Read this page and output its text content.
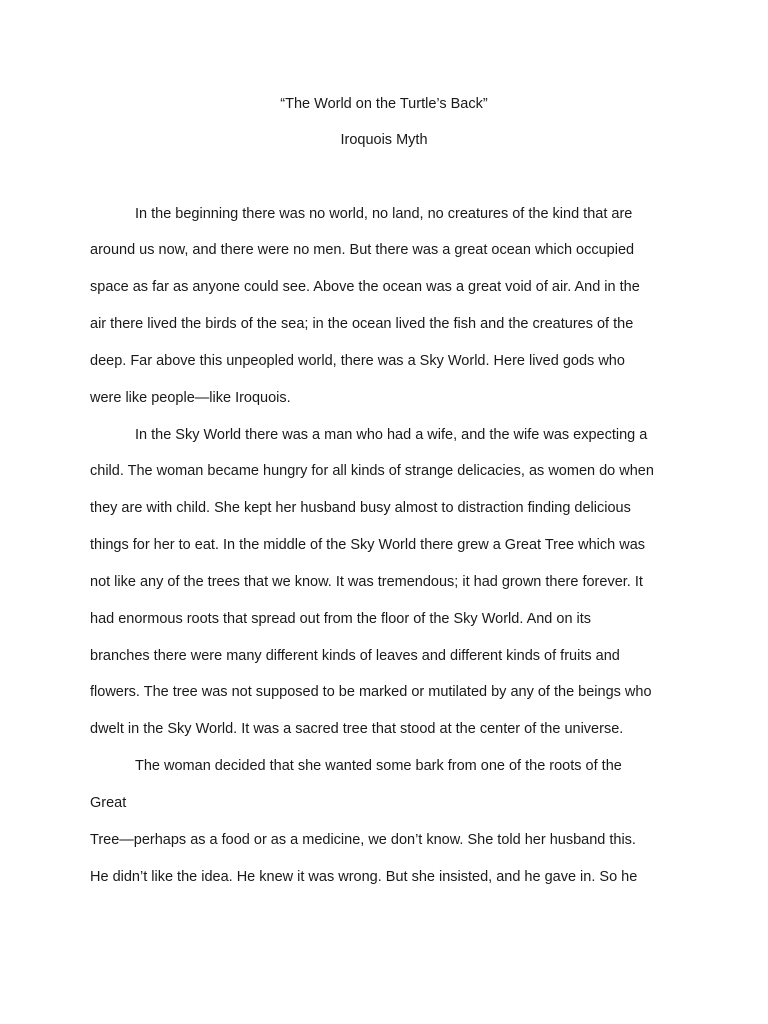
“The World on the Turtle’s Back”
Iroquois Myth
In the beginning there was no world, no land, no creatures of the kind that are
around us now, and there were no men. But there was a great ocean which occupied
space as far as anyone could see. Above the ocean was a great void of air. And in the
air there lived the birds of the sea; in the ocean lived the fish and the creatures of the
deep. Far above this unpeopled world, there was a Sky World. Here lived gods who
were like people—like Iroquois.
In the Sky World there was a man who had a wife, and the wife was expecting a
child. The woman became hungry for all kinds of strange delicacies, as women do when
they are with child. She kept her husband busy almost to distraction finding delicious
things for her to eat. In the middle of the Sky World there grew a Great Tree which was
not like any of the trees that we know. It was tremendous; it had grown there forever. It
had enormous roots that spread out from the floor of the Sky World. And on its
branches there were many different kinds of leaves and different kinds of fruits and
flowers. The tree was not supposed to be marked or mutilated by any of the beings who
dwelt in the Sky World. It was a sacred tree that stood at the center of the universe.
The woman decided that she wanted some bark from one of the roots of the
Great
Tree—perhaps as a food or as a medicine, we don’t know. She told her husband this.
He didn’t like the idea. He knew it was wrong. But she insisted, and he gave in. So he
